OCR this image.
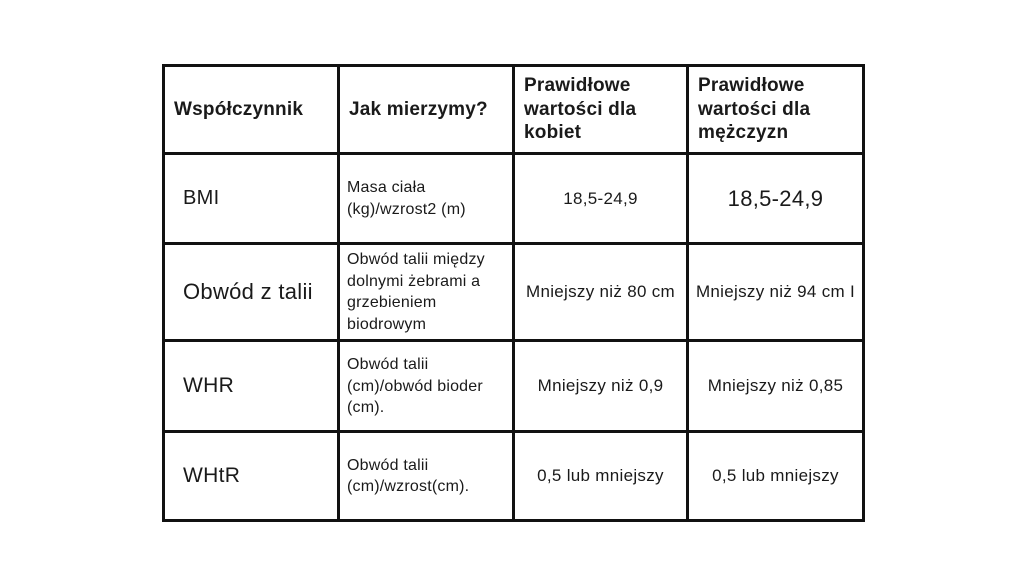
Współczynnik	Jak mierzymy?	Prawidłowe wartości dla kobiet	Prawidłowe wartości dla mężczyzn
BMI	Masa ciała (kg)/wzrost2 (m)	18,5-24,9	18,5-24,9
Obwód z talii	Obwód talii między dolnymi żebrami a grzebieniem biodrowym	Mniejszy niż 80 cm	Mniejszy niż 94 cm I
WHR	Obwód talii (cm)/obwód bioder (cm).	Mniejszy niż 0,9	Mniejszy niż 0,85
WHtR	Obwód talii (cm)/wzrost(cm).	0,5 lub mniejszy	0,5 lub mniejszy
